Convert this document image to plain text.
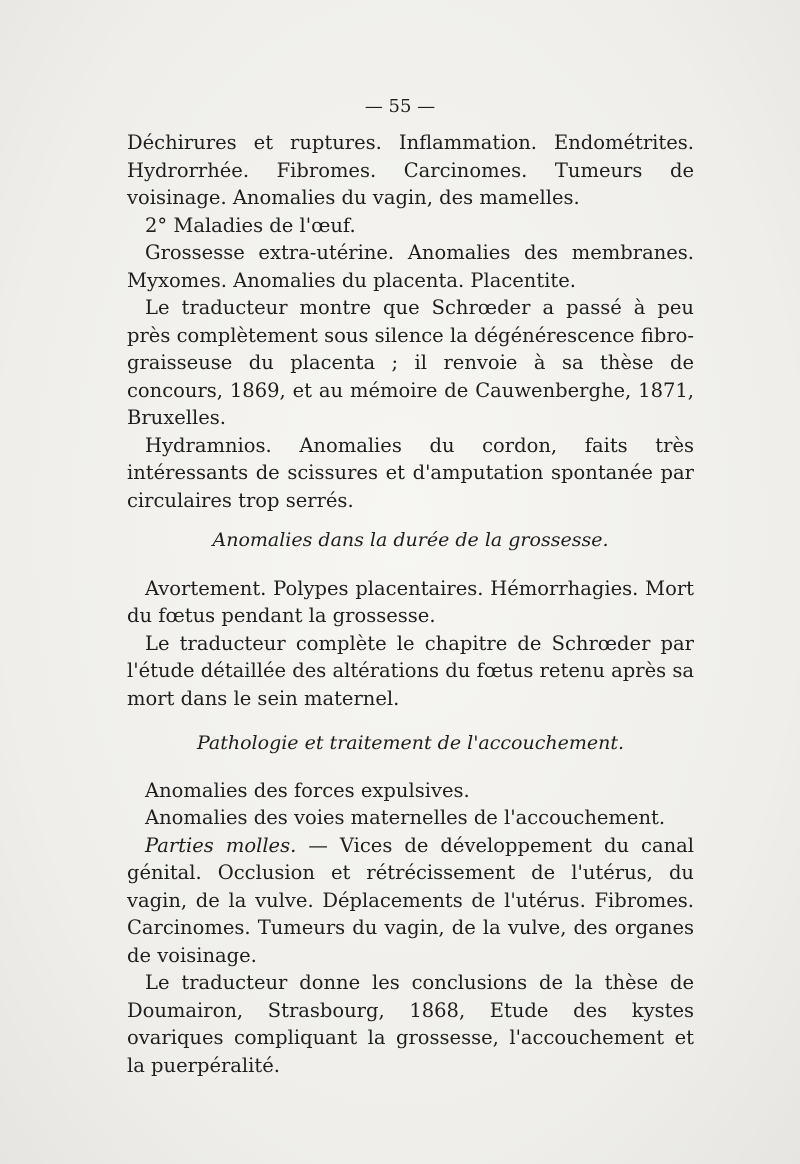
— 55 —

Déchirures et ruptures. Inflammation. Endométrites. Hydrorrhée. Fibromes. Carcinomes. Tumeurs de voisinage. Anomalies du vagin, des mamelles.

2° Maladies de l'œuf.

Grossesse extra-utérine. Anomalies des membranes. Myxomes. Anomalies du placenta. Placentite.

Le traducteur montre que Schrœder a passé à peu près complètement sous silence la dégénérescence fibro-graisseuse du placenta ; il renvoie à sa thèse de concours, 1869, et au mémoire de Cauwenberghe, 1871, Bruxelles.

Hydramnios. Anomalies du cordon, faits très intéressants de scissures et d'amputation spontanée par circulaires trop serrés.

Anomalies dans la durée de la grossesse.

Avortement. Polypes placentaires. Hémorrhagies. Mort du fœtus pendant la grossesse.

Le traducteur complète le chapitre de Schrœder par l'étude détaillée des altérations du fœtus retenu après sa mort dans le sein maternel.

Pathologie et traitement de l'accouchement.

Anomalies des forces expulsives.

Anomalies des voies maternelles de l'accouchement.

Parties molles. — Vices de développement du canal génital. Occlusion et rétrécissement de l'utérus, du vagin, de la vulve. Déplacements de l'utérus. Fibromes. Carcinomes. Tumeurs du vagin, de la vulve, des organes de voisinage.

Le traducteur donne les conclusions de la thèse de Doumairon, Strasbourg, 1868, Etude des kystes ovariques compliquant la grossesse, l'accouchement et la puerpéralité.
